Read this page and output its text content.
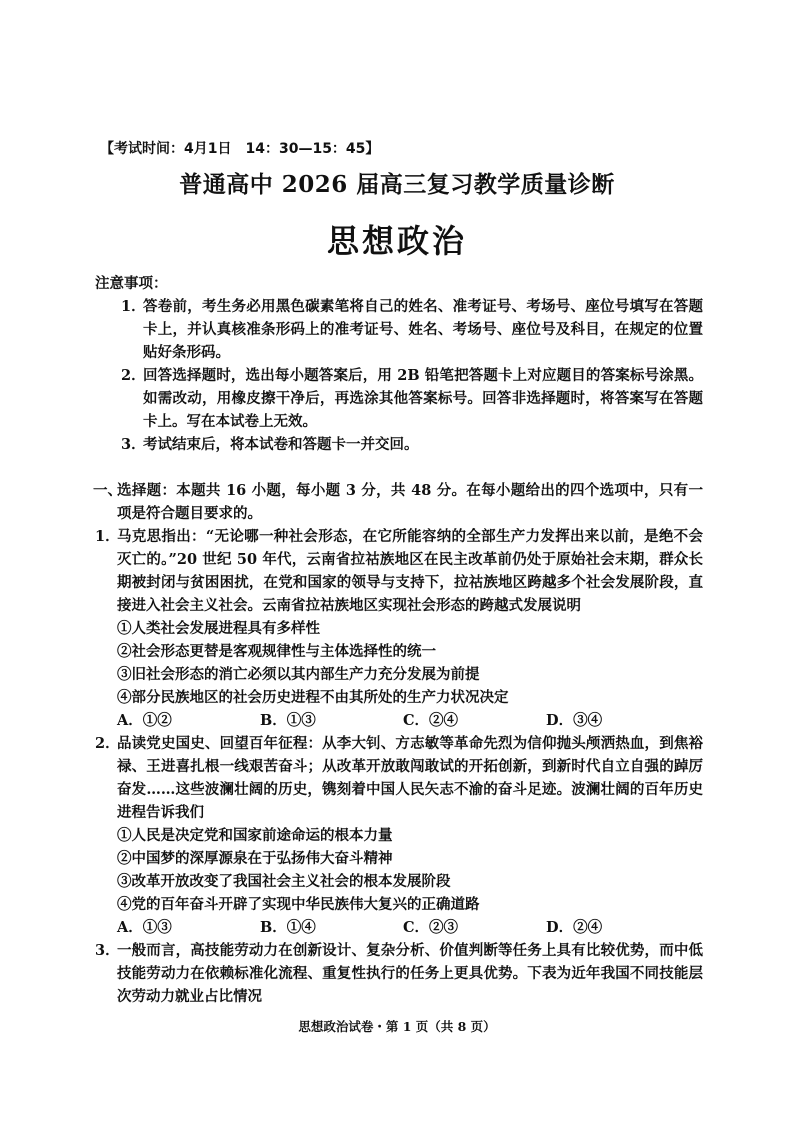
【考试时间：4月1日　14：30—15：45】
普通高中 2026 届高三复习教学质量诊断
思想政治
注意事项：
1．
答卷前，考生务必用黑色碳素笔将自己的姓名、准考证号、考场号、座位号填写在答题卡上，并认真核准条形码上的准考证号、姓名、考场号、座位号及科目，在规定的位置贴好条形码。
2．
回答选择题时，选出每小题答案后，用 2B 铅笔把答题卡上对应题目的答案标号涂黑。如需改动，用橡皮擦干净后，再选涂其他答案标号。回答非选择题时，将答案写在答题卡上。写在本试卷上无效。
3．
考试结束后，将本试卷和答题卡一并交回。
一、
选择题：本题共 16 小题，每小题 3 分，共 48 分。在每小题给出的四个选项中，只有一项是符合题目要求的。
1．
马克思指出：“无论哪一种社会形态，在它所能容纳的全部生产力发挥出来以前，是绝不会灭亡的。”20 世纪 50 年代，云南省拉祜族地区在民主改革前仍处于原始社会末期，群众长期被封闭与贫困困扰，在党和国家的领导与支持下，拉祜族地区跨越多个社会发展阶段，直接进入社会主义社会。云南省拉祜族地区实现社会形态的跨越式发展说明
①人类社会发展进程具有多样性
②社会形态更替是客观规律性与主体选择性的统一
③旧社会形态的消亡必须以其内部生产力充分发展为前提
④部分民族地区的社会历史进程不由其所处的生产力状况决定
A．①②	B．①③	C．②④	D．③④
2．
品读党史国史、回望百年征程：从李大钊、方志敏等革命先烈为信仰抛头颅洒热血，到焦裕禄、王进喜扎根一线艰苦奋斗；从改革开放敢闯敢试的开拓创新，到新时代自立自强的踔厉奋发……这些波澜壮阔的历史，镌刻着中国人民矢志不渝的奋斗足迹。波澜壮阔的百年历史进程告诉我们
①人民是决定党和国家前途命运的根本力量
②中国梦的深厚源泉在于弘扬伟大奋斗精神
③改革开放改变了我国社会主义社会的根本发展阶段
④党的百年奋斗开辟了实现中华民族伟大复兴的正确道路
A．①③	B．①④	C．②③	D．②④
3．
一般而言，高技能劳动力在创新设计、复杂分析、价值判断等任务上具有比较优势，而中低技能劳动力在依赖标准化流程、重复性执行的任务上更具优势。下表为近年我国不同技能层次劳动力就业占比情况
思想政治试卷・第 1 页（共 8 页）
